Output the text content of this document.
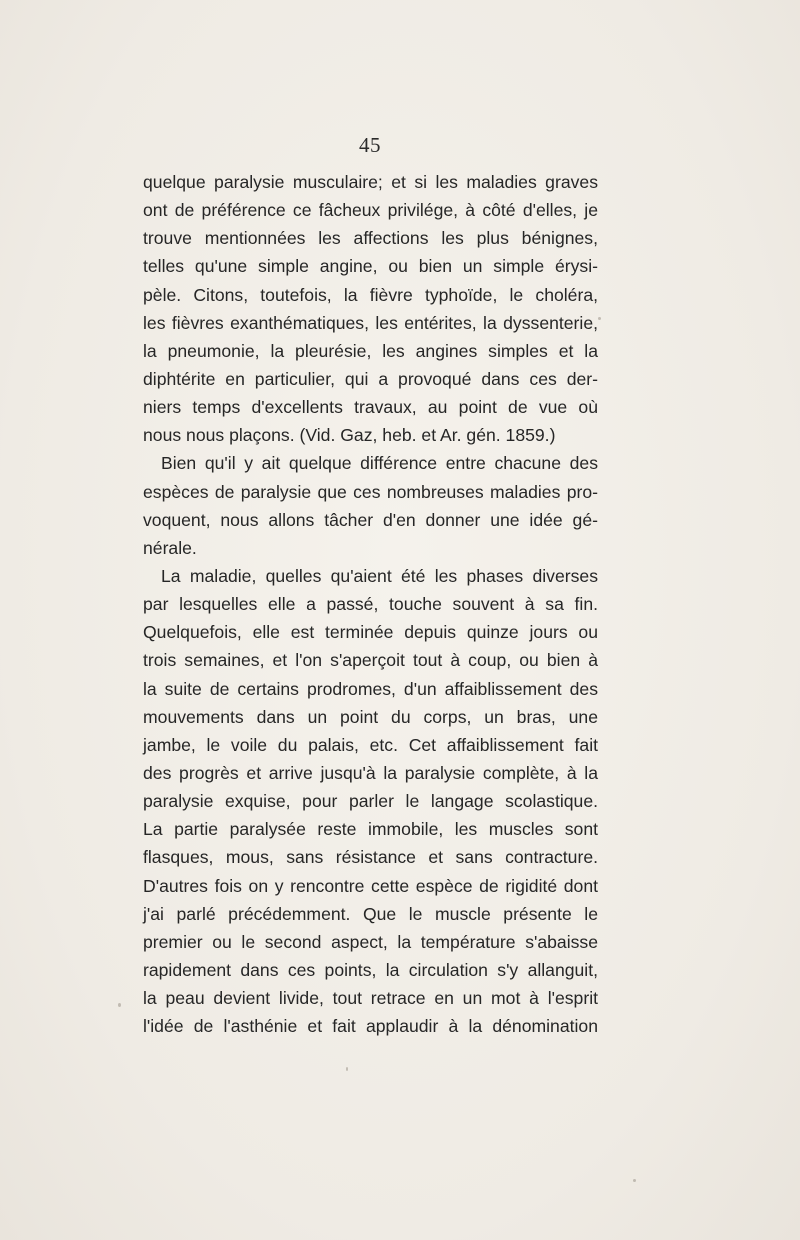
45
quelque paralysie musculaire; et si les maladies graves
ont de préférence ce fâcheux privilége, à côté d'elles, je
trouve mentionnées les affections les plus bénignes,
telles qu'une simple angine, ou bien un simple érysi-
pèle. Citons, toutefois, la fièvre typhoïde, le choléra,
les fièvres exanthématiques, les entérites, la dyssenterie,
la pneumonie, la pleurésie, les angines simples et la
diphtérite en particulier, qui a provoqué dans ces der-
niers temps d'excellents travaux, au point de vue où
nous nous plaçons. (Vid. Gaz, heb. et Ar. gén. 1859.)
Bien qu'il y ait quelque différence entre chacune des
espèces de paralysie que ces nombreuses maladies pro-
voquent, nous allons tâcher d'en donner une idée gé-
nérale.
La maladie, quelles qu'aient été les phases diverses
par lesquelles elle a passé, touche souvent à sa fin.
Quelquefois, elle est terminée depuis quinze jours ou
trois semaines, et l'on s'aperçoit tout à coup, ou bien à
la suite de certains prodromes, d'un affaiblissement des
mouvements dans un point du corps, un bras, une
jambe, le voile du palais, etc. Cet affaiblissement fait
des progrès et arrive jusqu'à la paralysie complète, à la
paralysie exquise, pour parler le langage scolastique.
La partie paralysée reste immobile, les muscles sont
flasques, mous, sans résistance et sans contracture.
D'autres fois on y rencontre cette espèce de rigidité dont
j'ai parlé précédemment. Que le muscle présente le
premier ou le second aspect, la température s'abaisse
rapidement dans ces points, la circulation s'y allanguit,
la peau devient livide, tout retrace en un mot à l'esprit
l'idée de l'asthénie et fait applaudir à la dénomination
